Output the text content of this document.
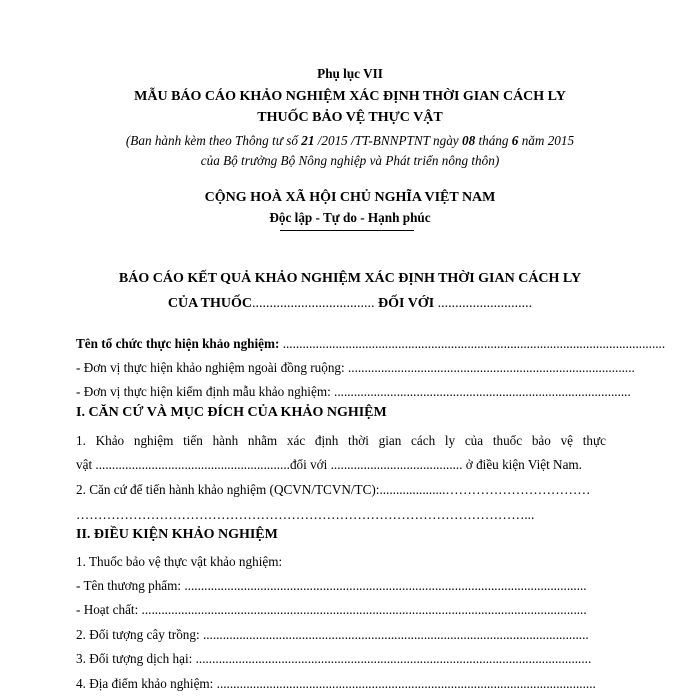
Phụ lục VII
MẪU BÁO CÁO KHẢO NGHIỆM XÁC ĐỊNH THỜI GIAN CÁCH LY
THUỐC BẢO VỆ THỰC VẬT
(Ban hành kèm theo Thông tư số 21 /2015 /TT-BNNPTNT ngày 08 tháng 6 năm 2015
của Bộ trưởng Bộ Nông nghiệp và Phát triển nông thôn)
CỘNG HOÀ XÃ HỘI CHỦ NGHĨA VIỆT NAM
Độc lập - Tự do - Hạnh phúc
BÁO CÁO KẾT QUẢ KHẢO NGHIỆM XÁC ĐỊNH THỜI GIAN CÁCH LY
CỦA THUỐC................................... ĐỐI VỚI ...........................
Tên tổ chức thực hiện khảo nghiệm: ....................................................................................................................
- Đơn vị thực hiện khảo nghiệm ngoài đồng ruộng: .......................................................................................
- Đơn vị thực hiện kiểm định mẫu khảo nghiệm: ..........................................................................................
I. CĂN CỨ VÀ MỤC ĐÍCH CỦA KHẢO NGHIỆM
1. Khảo nghiệm tiến hành nhằm xác định thời gian cách ly của thuốc bảo vệ thực
vật ...........................................................đối với ........................................ ở điều kiện Việt Nam.
2. Căn cứ để tiến hành khảo nghiệm (QCVN/TCVN/TC):....................……………………………
…………………………………………………………………………………………...
II. ĐIỀU KIỆN KHẢO NGHIỆM
1. Thuốc bảo vệ thực vật khảo nghiệm:
- Tên thương phẩm: ..........................................................................................................................
- Hoạt chất: .......................................................................................................................................
2. Đối tượng cây trồng: .....................................................................................................................
3. Đối tượng dịch hại: ........................................................................................................................
4. Địa điểm khảo nghiệm: ...................................................................................................................
